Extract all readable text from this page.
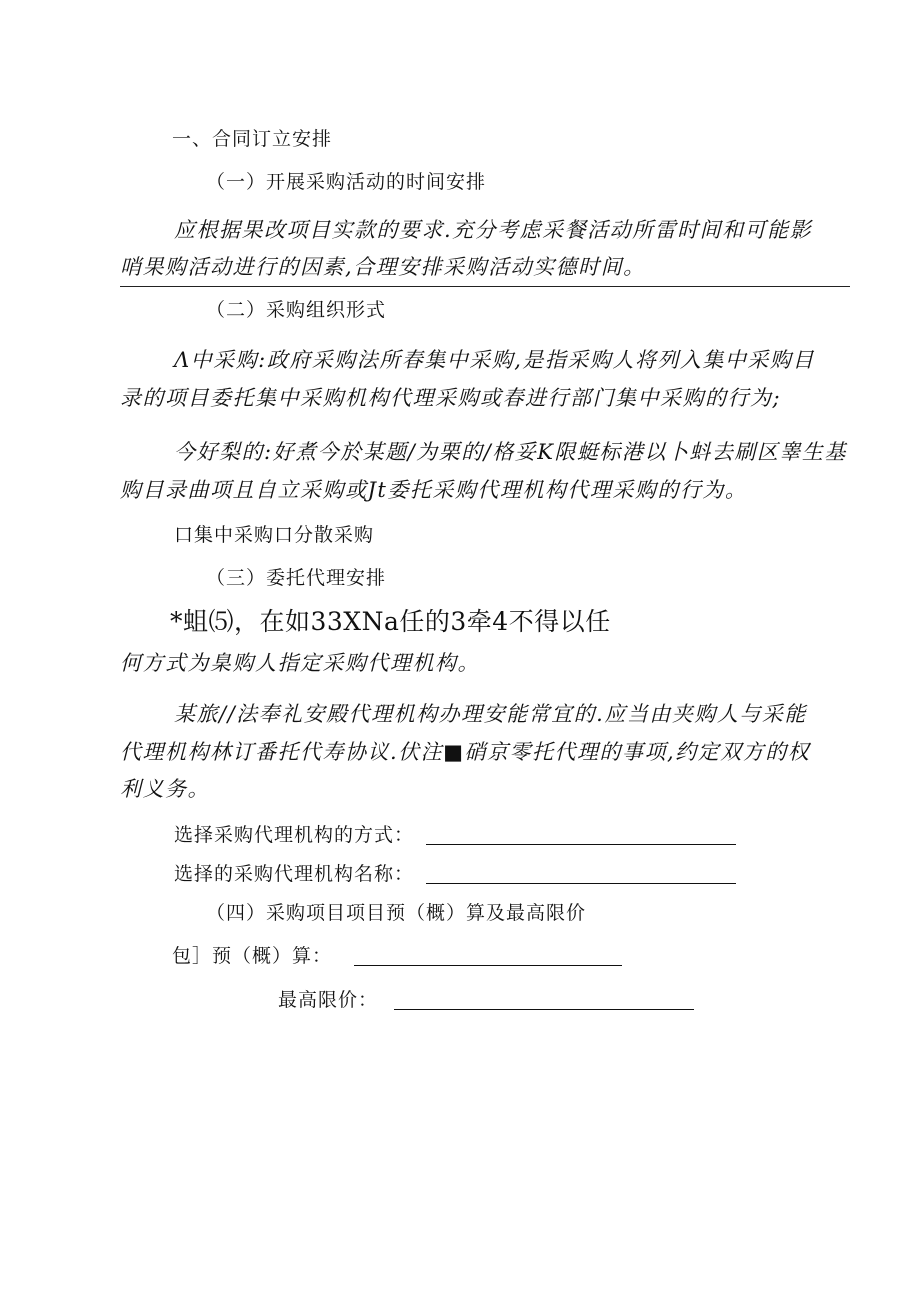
一、合同订立安排
（一）开展采购活动的时间安排
应根据果改项目实款的要求.充分考虑采餐活动所雷时间和可能影
哨果购活动进行的因素,合理安排采购活动实德时间。
（二）采购组织形式
Λ中采购:政府采购法所春集中采购,是指采购人将列入集中采购目
录的项目委托集中采购机构代理采购或春进行部门集中采购的行为;
今好梨的:好煮今於某题/为栗的/格妥K限蜓标港以卜蚪去刷区睾生基
购目录曲项且自立采购或Jt委托采购代理机构代理采购的行为。
口集中采购口分散采购
（三）委托代理安排
*蛆⑸，在如33XNa任的3牵4不得以任
何方式为臬购人指定采购代理机构。
某旅//法奉礼安殿代理机构办理安能常宜的.应当由夹购人与采能
代理机构林订番托代寿协议.伏注■硝京零托代理的事项,约定双方的权
利义务。
选择采购代理机构的方式：
选择的采购代理机构名称：
（四）采购项目项目预（概）算及最高限价
包］预（概）算：
最高限价：
